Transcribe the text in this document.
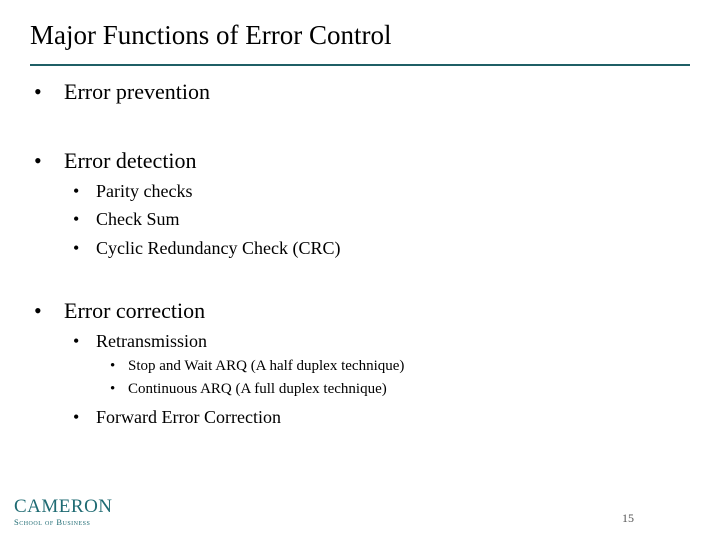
Major Functions of Error Control
•	Error prevention
•	Error detection
• Parity checks
• Check Sum
• Cyclic Redundancy Check (CRC)
•	Error correction
• Retransmission
• Stop and Wait ARQ (A half duplex technique)
• Continuous ARQ (A full duplex technique)
• Forward Error Correction
CAMERON
School of Business	15
